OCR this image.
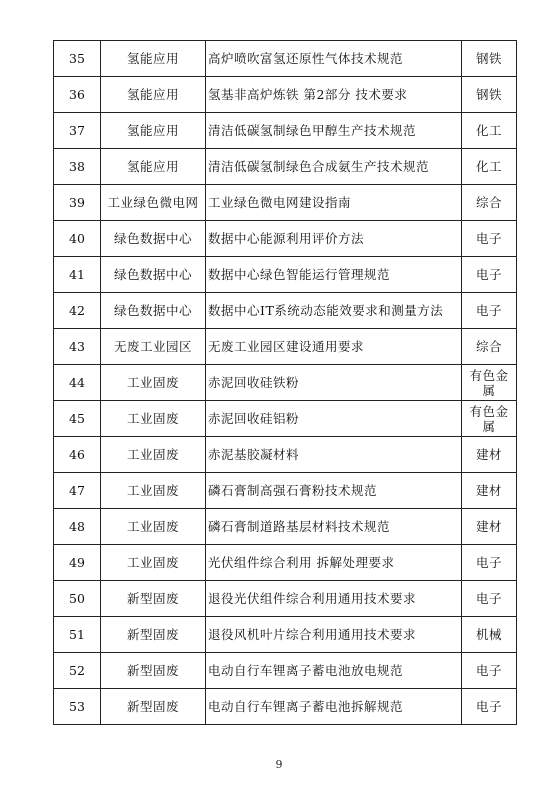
35	氢能应用	高炉喷吹富氢还原性气体技术规范	钢铁
36	氢能应用	氢基非高炉炼铁 第2部分 技术要求	钢铁
37	氢能应用	清洁低碳氢制绿色甲醇生产技术规范	化工
38	氢能应用	清洁低碳氢制绿色合成氨生产技术规范	化工
39	工业绿色微电网	工业绿色微电网建设指南	综合
40	绿色数据中心	数据中心能源利用评价方法	电子
41	绿色数据中心	数据中心绿色智能运行管理规范	电子
42	绿色数据中心	数据中心IT系统动态能效要求和测量方法	电子
43	无废工业园区	无废工业园区建设通用要求	综合
44	工业固废	赤泥回收硅铁粉	有色金属
45	工业固废	赤泥回收硅铝粉	有色金属
46	工业固废	赤泥基胶凝材料	建材
47	工业固废	磷石膏制高强石膏粉技术规范	建材
48	工业固废	磷石膏制道路基层材料技术规范	建材
49	工业固废	光伏组件综合利用 拆解处理要求	电子
50	新型固废	退役光伏组件综合利用通用技术要求	电子
51	新型固废	退役风机叶片综合利用通用技术要求	机械
52	新型固废	电动自行车锂离子蓄电池放电规范	电子
53	新型固废	电动自行车锂离子蓄电池拆解规范	电子
9
